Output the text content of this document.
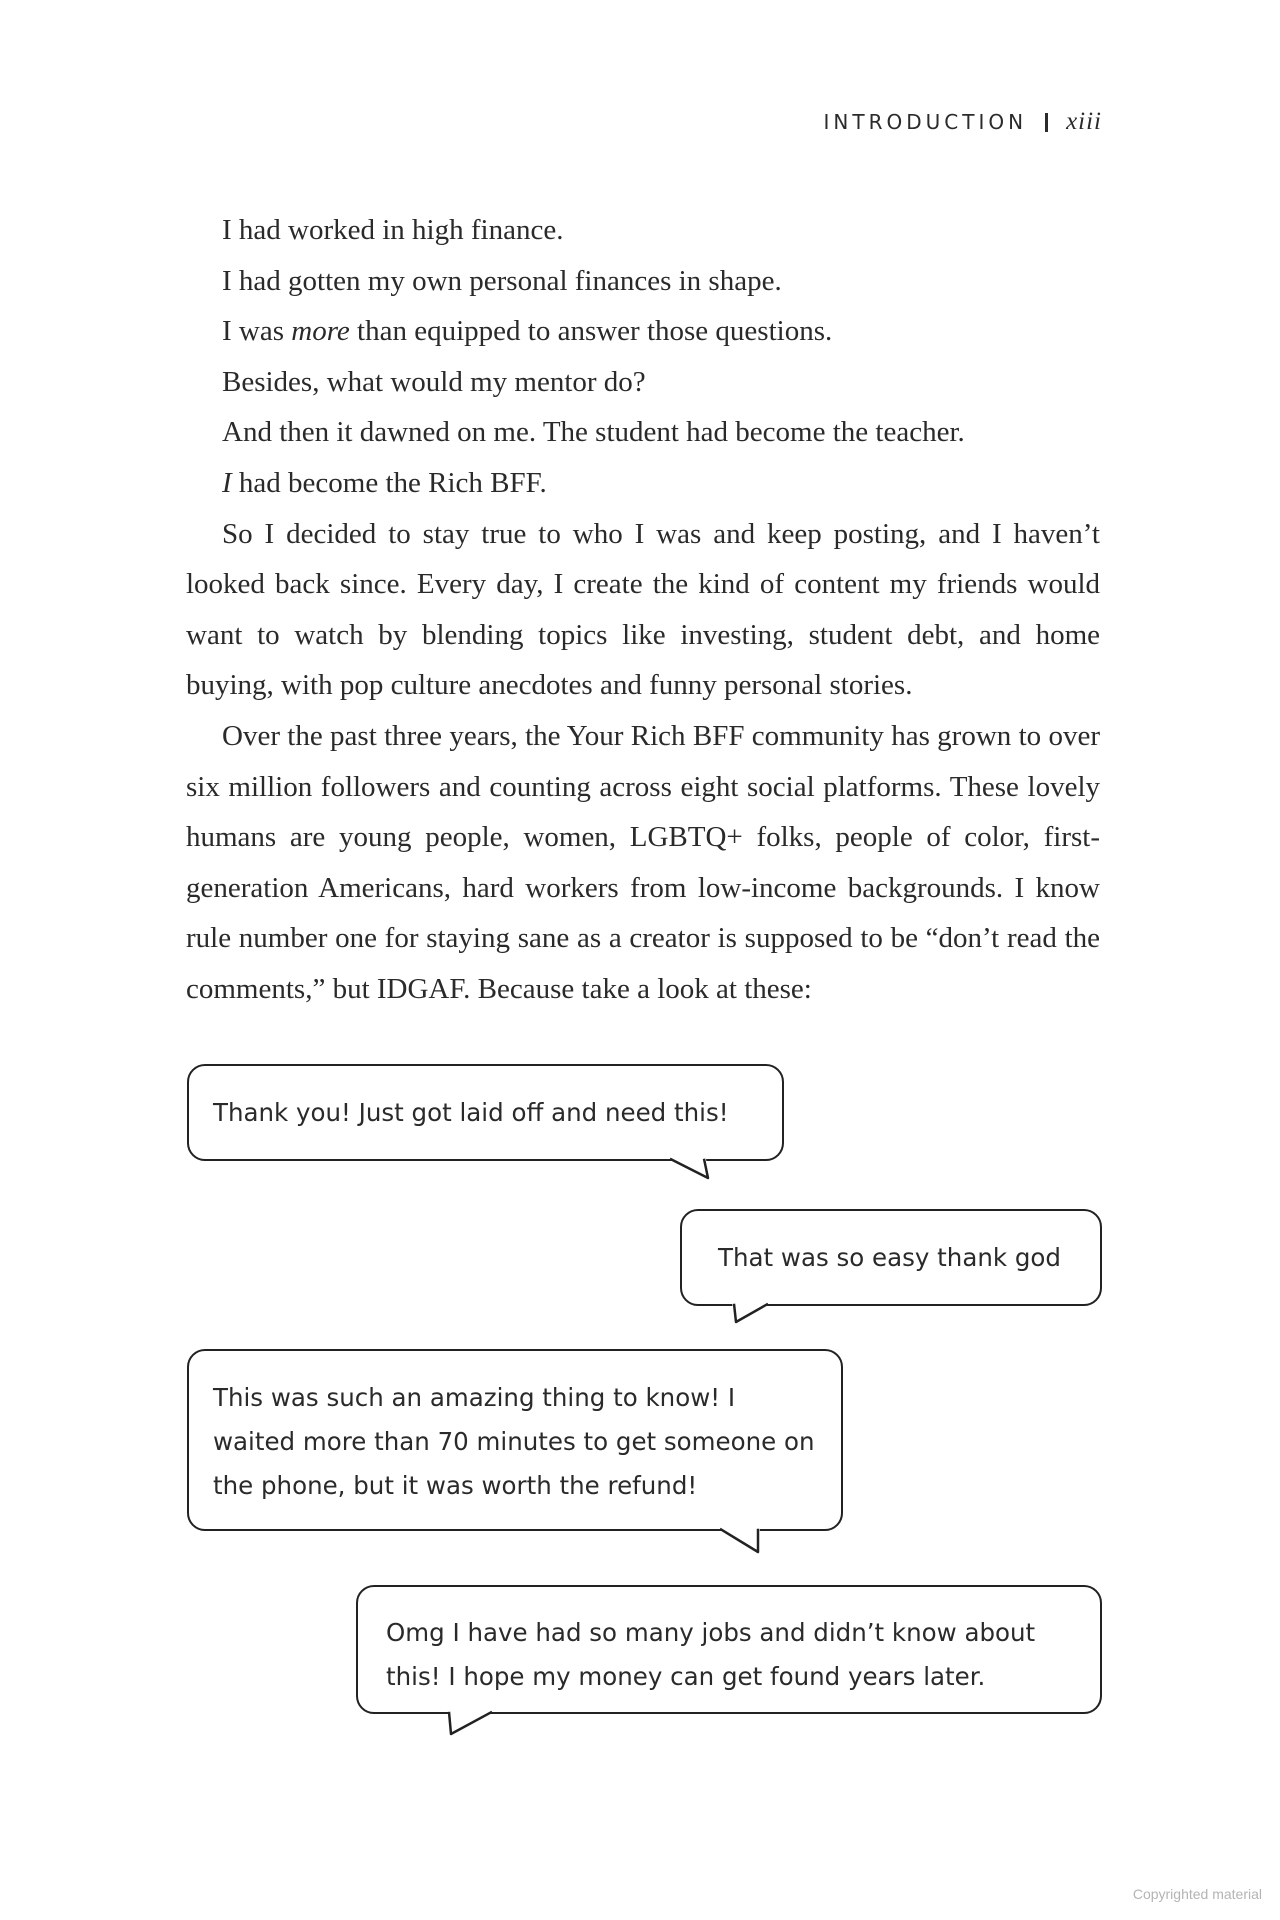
INTRODUCTION xiii

I had worked in high finance.

I had gotten my own personal finances in shape.

I was more than equipped to answer those questions.

Besides, what would my mentor do?

And then it dawned on me. The student had become the teacher.

I had become the Rich BFF.

So I decided to stay true to who I was and keep posting, and I haven’t looked back since. Every day, I create the kind of content my friends would want to watch by blending topics like investing, student debt, and home buying, with pop culture anecdotes and funny personal stories.

Over the past three years, the Your Rich BFF community has grown to over six million followers and counting across eight social platforms. These lovely humans are young people, women, LGBTQ+ folks, people of color, first-generation Americans, hard workers from low-income backgrounds. I know rule number one for staying sane as a creator is supposed to be “don’t read the comments,” but IDGAF. Because take a look at these:

Thank you! Just got laid off and need this!
That was so easy thank god
This was such an amazing thing to know! I waited more than 70 minutes to get someone on the phone, but it was worth the refund!
Omg I have had so many jobs and didn’t know about this! I hope my money can get found years later.
Copyrighted material
